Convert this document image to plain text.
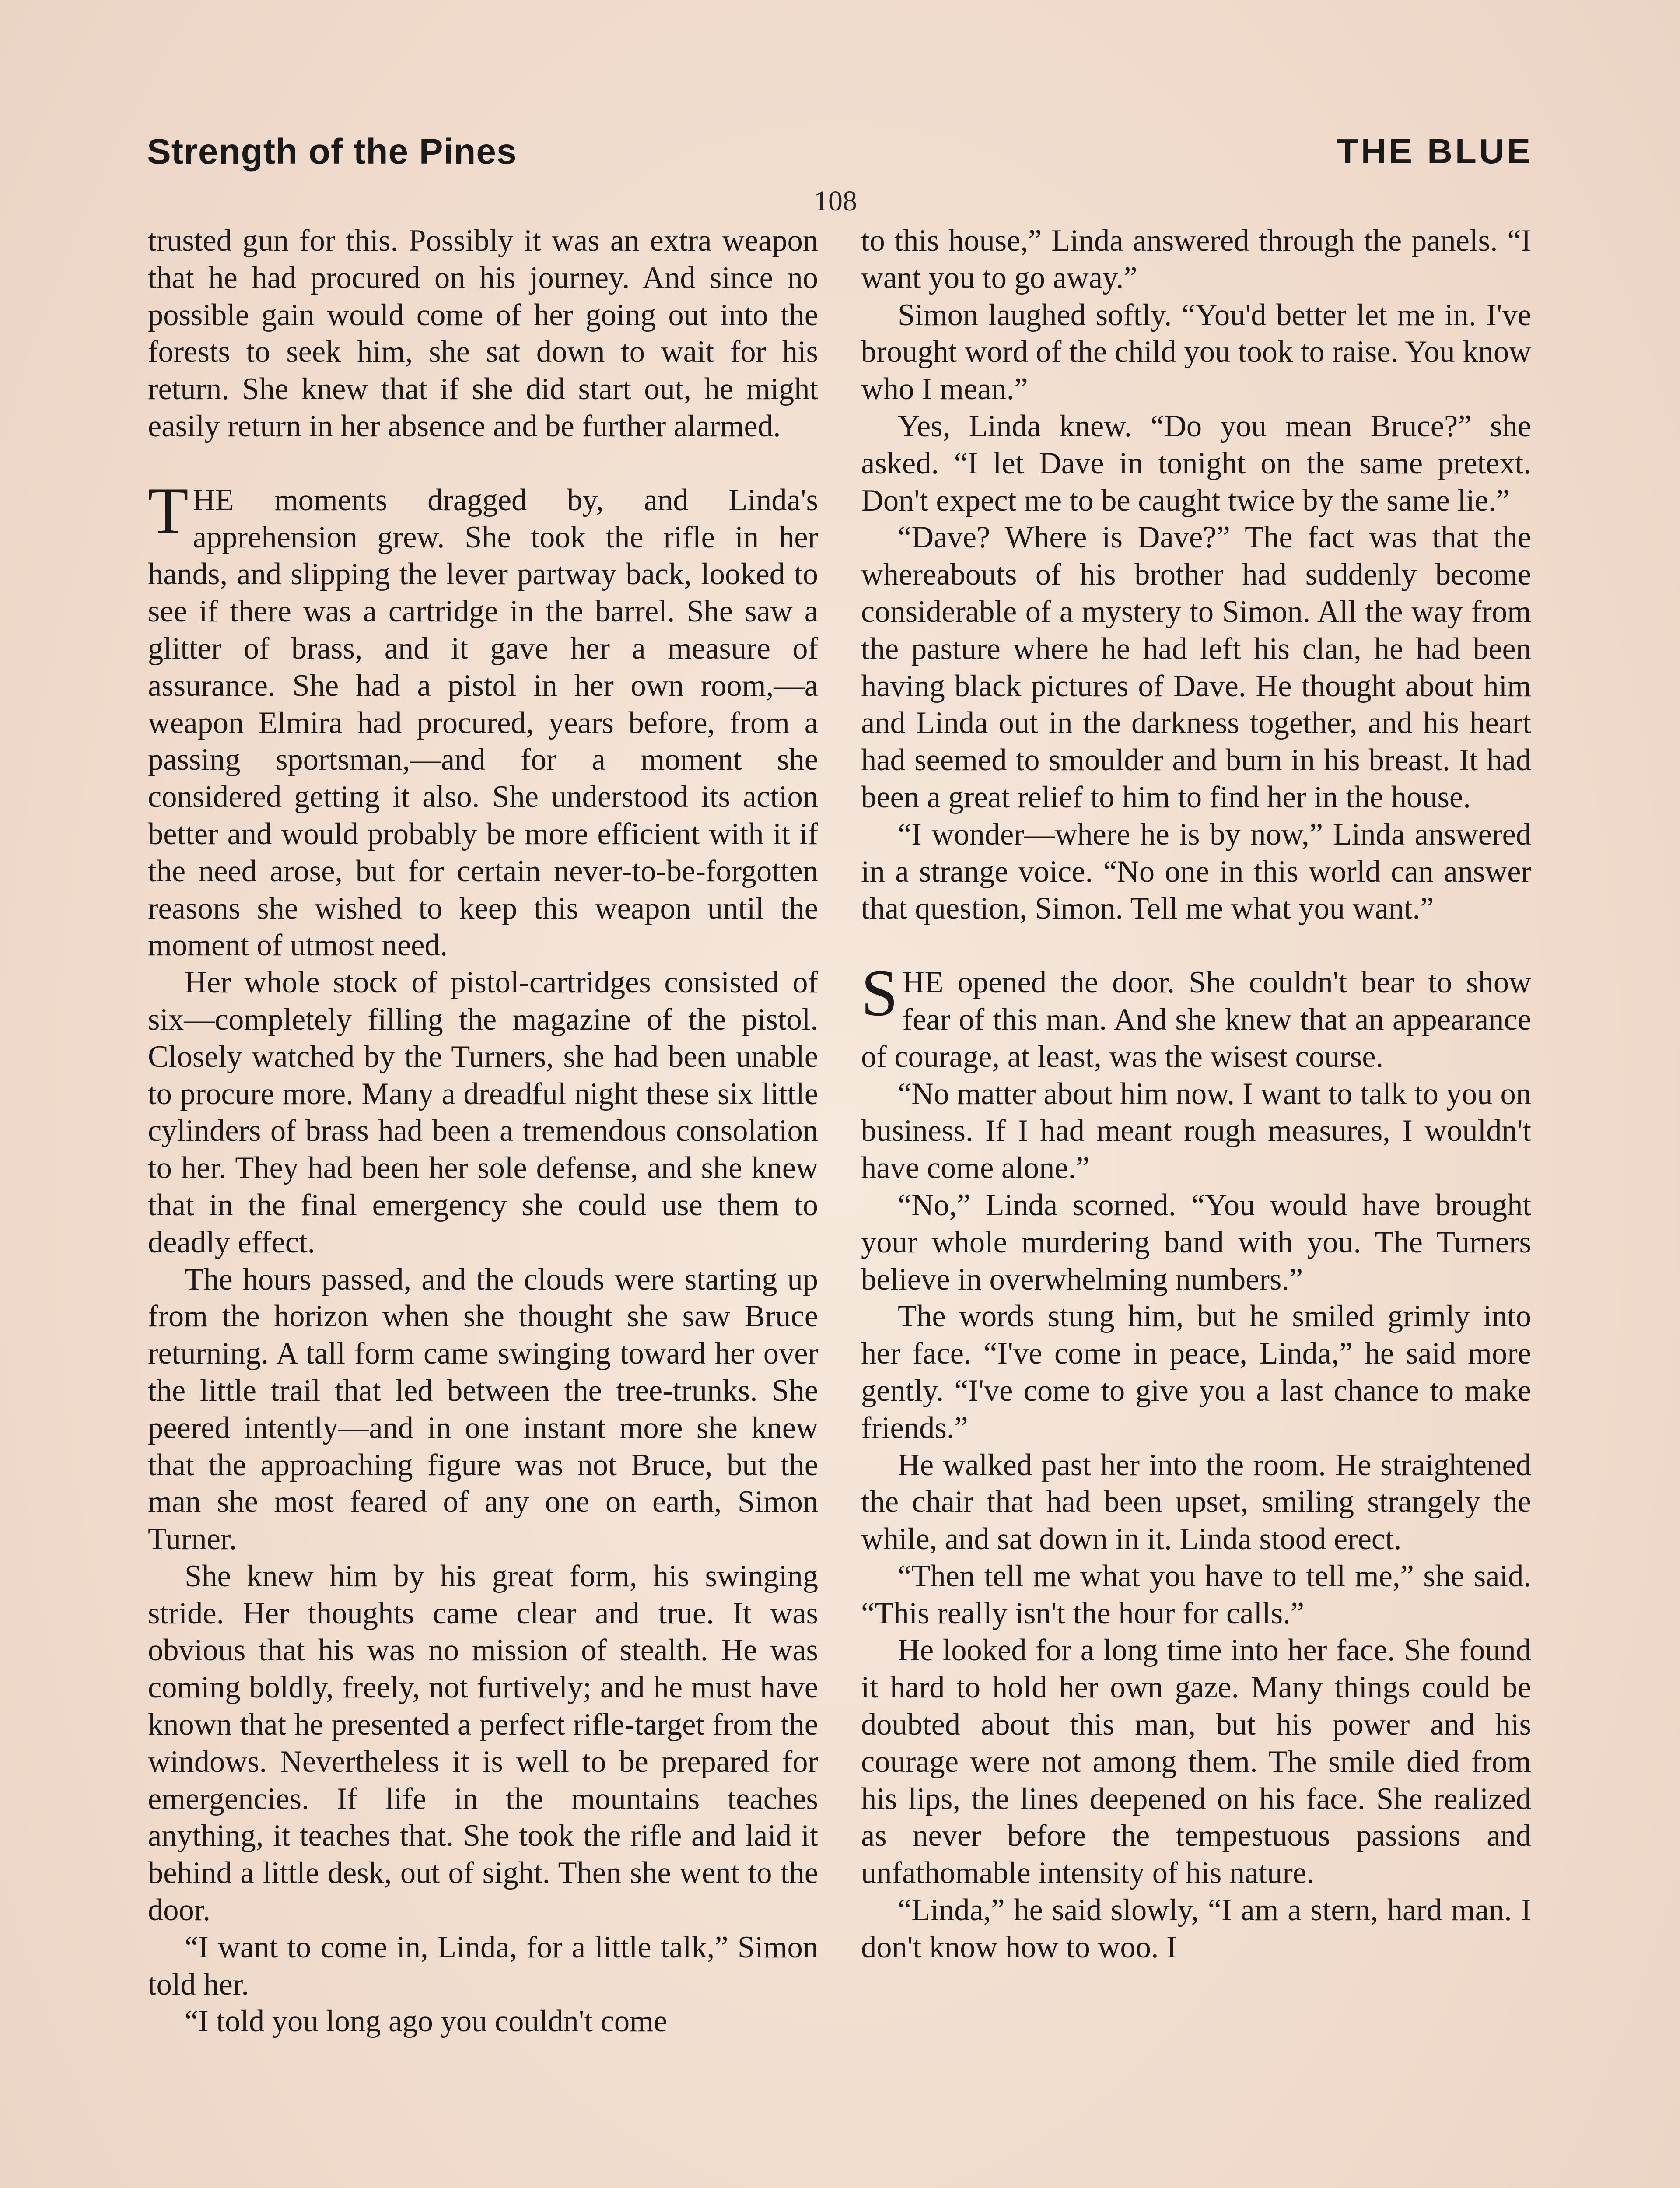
Strength of the Pines	THE BLUE
108

trusted gun for this. Possibly it was an extra weapon that he had procured on his journey. And since no possible gain would come of her going out into the forests to seek him, she sat down to wait for his return. She knew that if she did start out, he might easily return in her absence and be further alarmed.

THE moments dragged by, and Linda's apprehension grew. She took the rifle in her hands, and slipping the lever partway back, looked to see if there was a cartridge in the barrel. She saw a glitter of brass, and it gave her a measure of assurance. She had a pistol in her own room,—a weapon Elmira had procured, years before, from a passing sportsman,—and for a moment she considered getting it also. She understood its action better and would probably be more efficient with it if the need arose, but for certain never-to-be-forgotten reasons she wished to keep this weapon until the moment of utmost need.

Her whole stock of pistol-cartridges consisted of six—completely filling the magazine of the pistol. Closely watched by the Turners, she had been unable to procure more. Many a dreadful night these six little cylinders of brass had been a tremendous consolation to her. They had been her sole defense, and she knew that in the final emergency she could use them to deadly effect.

The hours passed, and the clouds were starting up from the horizon when she thought she saw Bruce returning. A tall form came swinging toward her over the little trail that led between the tree-trunks. She peered intently—and in one instant more she knew that the approaching figure was not Bruce, but the man she most feared of any one on earth, Simon Turner.

She knew him by his great form, his swinging stride. Her thoughts came clear and true. It was obvious that his was no mission of stealth. He was coming boldly, freely, not furtively; and he must have known that he presented a perfect rifle-target from the windows. Nevertheless it is well to be prepared for emergencies. If life in the mountains teaches anything, it teaches that. She took the rifle and laid it behind a little desk, out of sight. Then she went to the door.

“I want to come in, Linda, for a little talk,” Simon told her.

“I told you long ago you couldn't come

to this house,” Linda answered through the panels. “I want you to go away.”

Simon laughed softly. “You'd better let me in. I've brought word of the child you took to raise. You know who I mean.”

Yes, Linda knew. “Do you mean Bruce?” she asked. “I let Dave in tonight on the same pretext. Don't expect me to be caught twice by the same lie.”

“Dave? Where is Dave?” The fact was that the whereabouts of his brother had suddenly become considerable of a mystery to Simon. All the way from the pasture where he had left his clan, he had been having black pictures of Dave. He thought about him and Linda out in the darkness together, and his heart had seemed to smoulder and burn in his breast. It had been a great relief to him to find her in the house.

“I wonder—where he is by now,” Linda answered in a strange voice. “No one in this world can answer that question, Simon. Tell me what you want.”

SHE opened the door. She couldn't bear to show fear of this man. And she knew that an appearance of courage, at least, was the wisest course.

“No matter about him now. I want to talk to you on business. If I had meant rough measures, I wouldn't have come alone.”

“No,” Linda scorned. “You would have brought your whole murdering band with you. The Turners believe in overwhelming numbers.”

The words stung him, but he smiled grimly into her face. “I've come in peace, Linda,” he said more gently. “I've come to give you a last chance to make friends.”

He walked past her into the room. He straightened the chair that had been upset, smiling strangely the while, and sat down in it. Linda stood erect.

“Then tell me what you have to tell me,” she said. “This really isn't the hour for calls.”

He looked for a long time into her face. She found it hard to hold her own gaze. Many things could be doubted about this man, but his power and his courage were not among them. The smile died from his lips, the lines deepened on his face. She realized as never before the tempestuous passions and unfathomable intensity of his nature.

“Linda,” he said slowly, “I am a stern, hard man. I don't know how to woo. I
